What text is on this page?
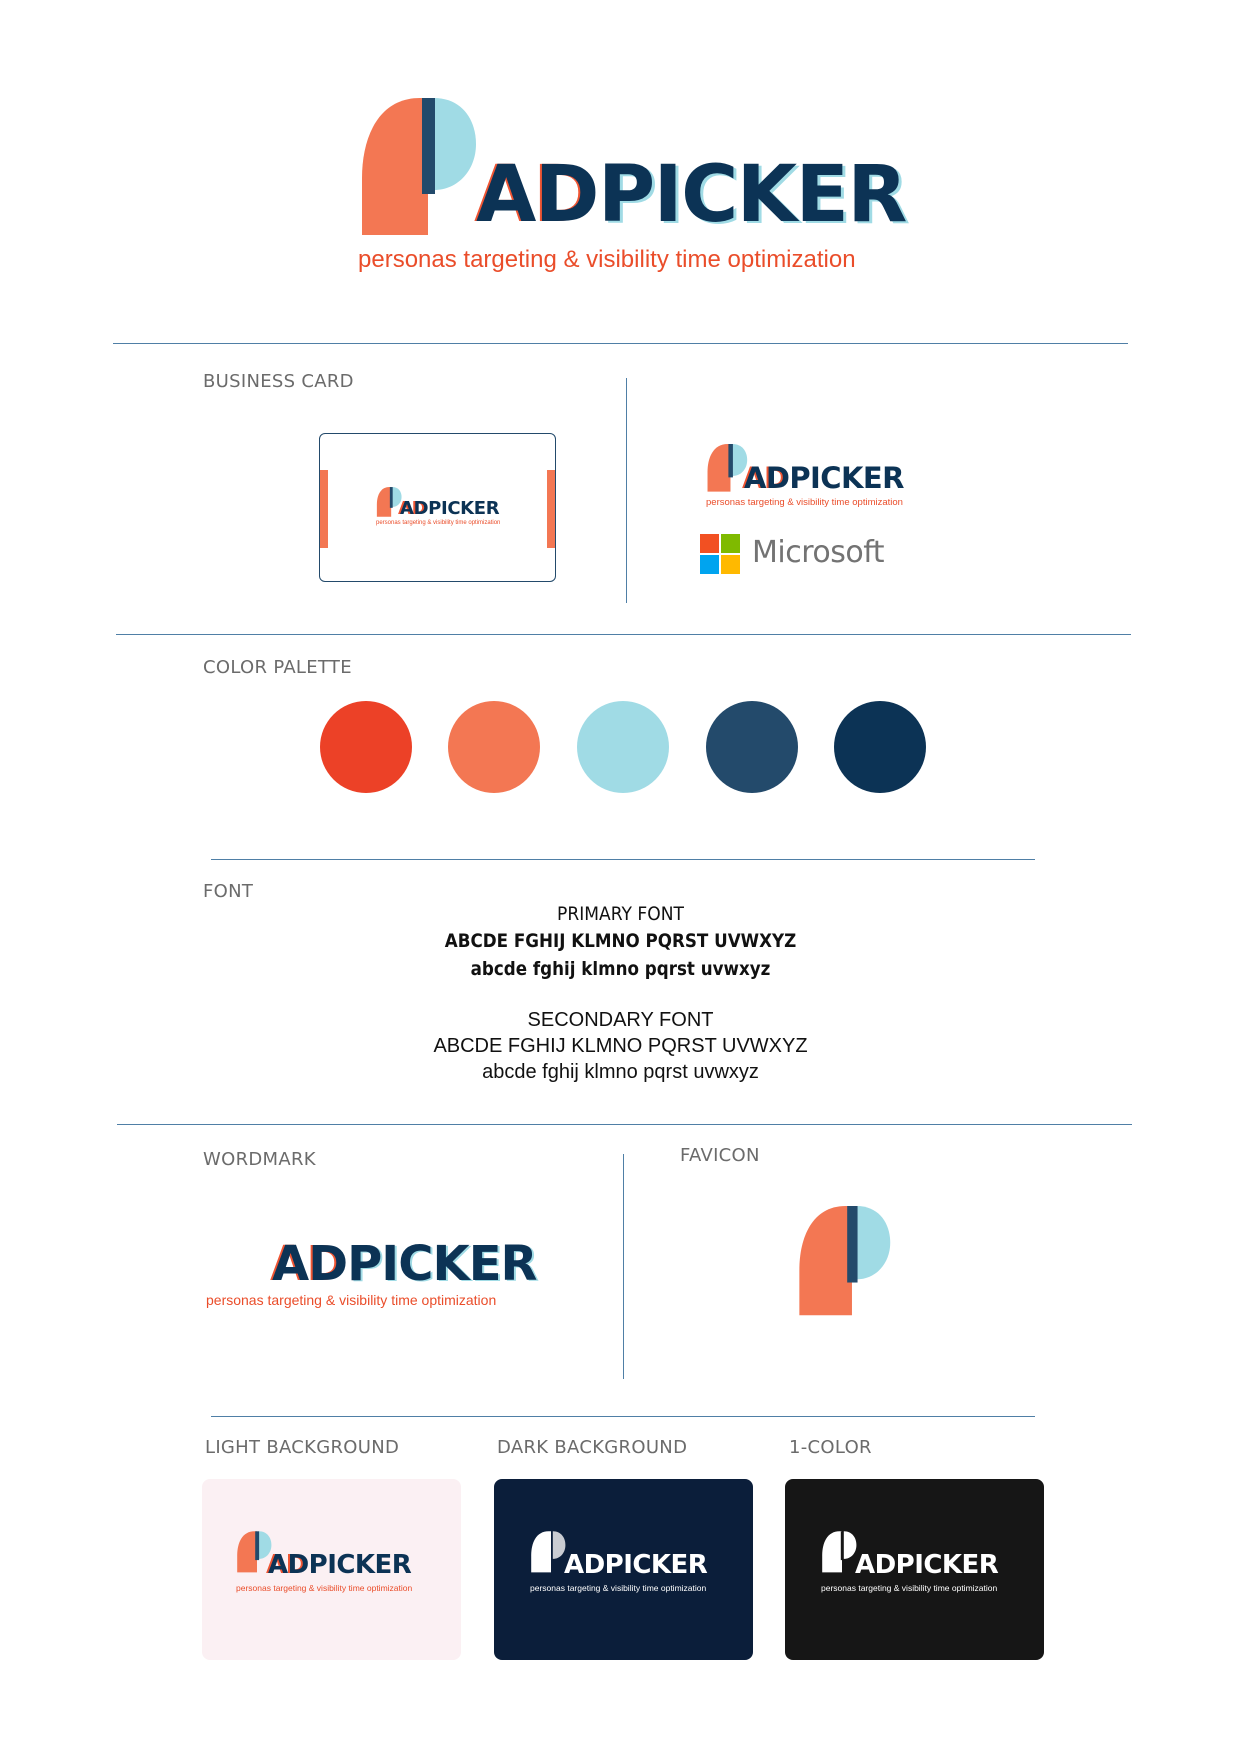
ADPICKER
personas targeting & visibility time optimization
BUSINESS CARD
ADPICKER
personas targeting & visibility time optimization
ADPICKER
personas targeting & visibility time optimization
Microsoft
COLOR PALETTE
FONT
PRIMARY FONT
ABCDE FGHIJ KLMNO PQRST UVWXYZ
abcde fghij klmno pqrst uvwxyz
SECONDARY FONT
ABCDE FGHIJ KLMNO PQRST UVWXYZ
abcde fghij klmno pqrst uvwxyz
WORDMARK
ADPICKER
personas targeting & visibility time optimization
FAVICON
LIGHT BACKGROUND	DARK BACKGROUND	1-COLOR
ADPICKER
personas targeting & visibility time optimization
ADPICKER
personas targeting & visibility time optimization
ADPICKER
personas targeting & visibility time optimization
